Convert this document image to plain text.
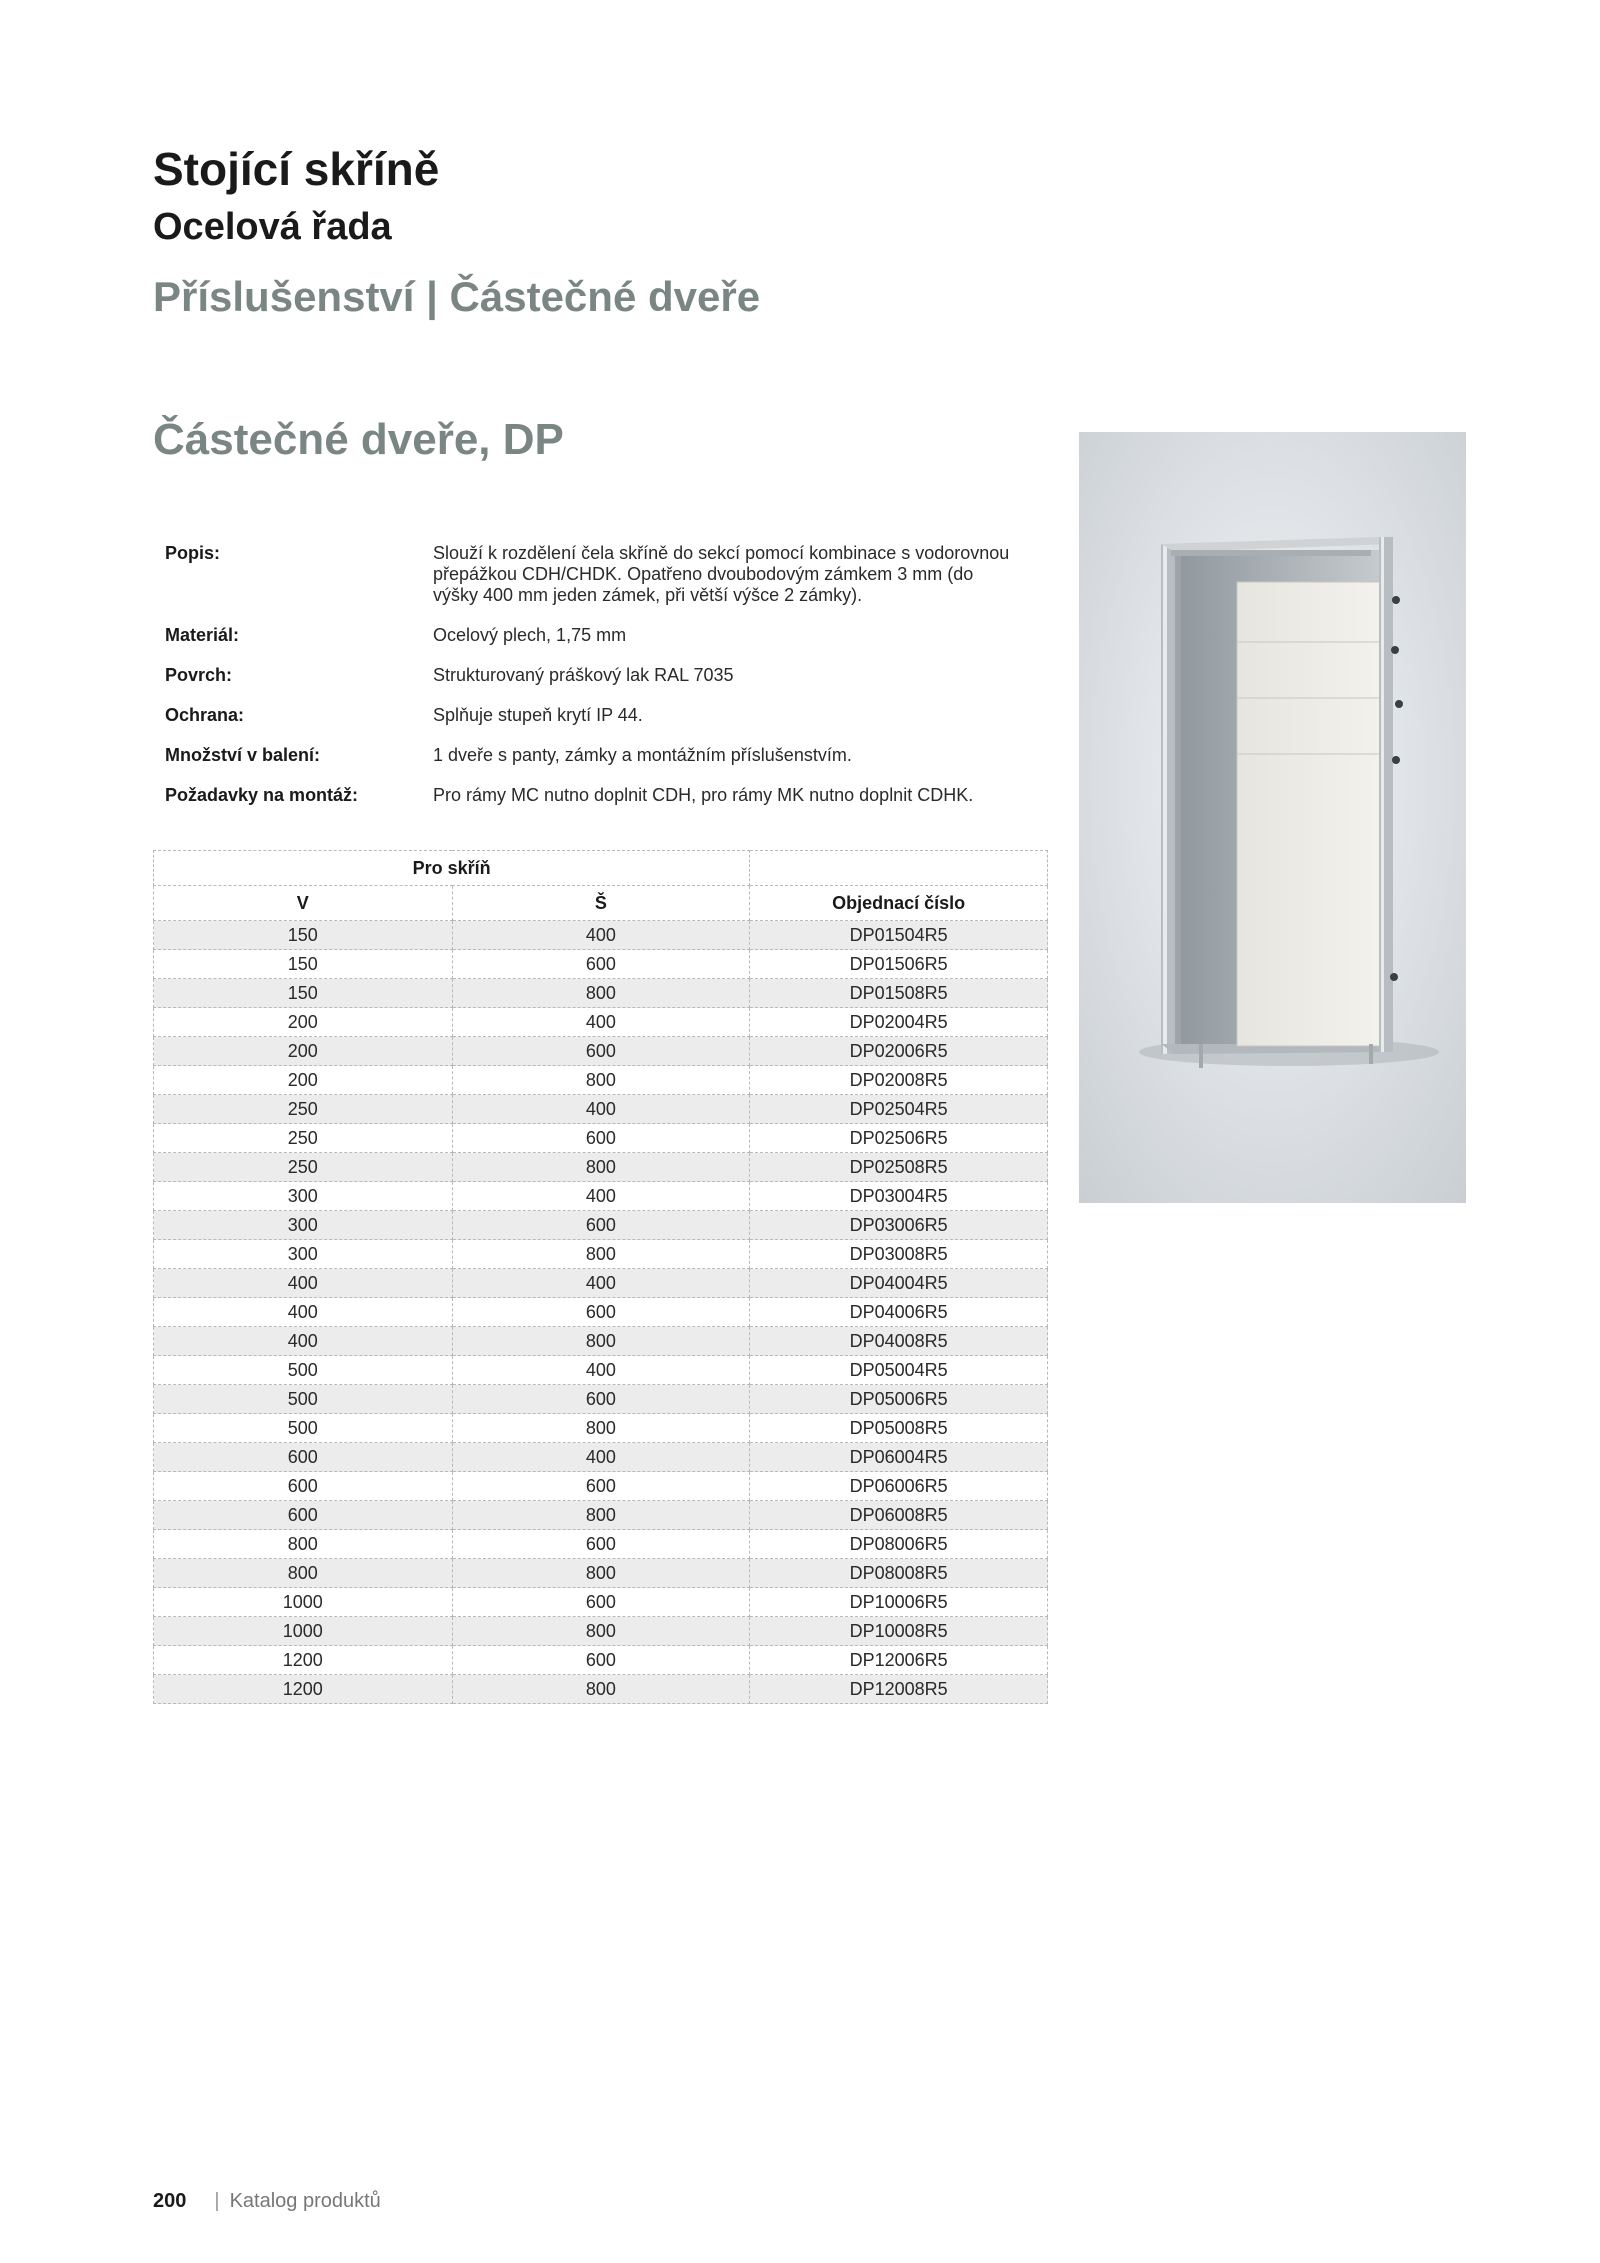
Stojící skříně
Ocelová řada
Příslušenství | Částečné dveře
Částečné dveře, DP
Popis:	Slouží k rozdělení čela skříně do sekcí pomocí kombinace s vodorovnou přepážkou CDH/CHDK. Opatřeno dvoubodovým zámkem 3 mm (do výšky 400 mm jeden zámek, při větší výšce 2 zámky).
Materiál:	Ocelový plech, 1,75 mm
Povrch:	Strukturovaný práškový lak RAL 7035
Ochrana:	Splňuje stupeň krytí IP 44.
Množství v balení:	1 dveře s panty, zámky a montážním příslušenstvím.
Požadavky na montáž:	Pro rámy MC nutno doplnit CDH, pro rámy MK nutno doplnit CDHK.
Pro skříň		
V	Š	Objednací číslo
150	400	DP01504R5
150	600	DP01506R5
150	800	DP01508R5
200	400	DP02004R5
200	600	DP02006R5
200	800	DP02008R5
250	400	DP02504R5
250	600	DP02506R5
250	800	DP02508R5
300	400	DP03004R5
300	600	DP03006R5
300	800	DP03008R5
400	400	DP04004R5
400	600	DP04006R5
400	800	DP04008R5
500	400	DP05004R5
500	600	DP05006R5
500	800	DP05008R5
600	400	DP06004R5
600	600	DP06006R5
600	800	DP06008R5
800	600	DP08006R5
800	800	DP08008R5
1000	600	DP10006R5
1000	800	DP10008R5
1200	600	DP12006R5
1200	800	DP12008R5
200 | Katalog produktů
